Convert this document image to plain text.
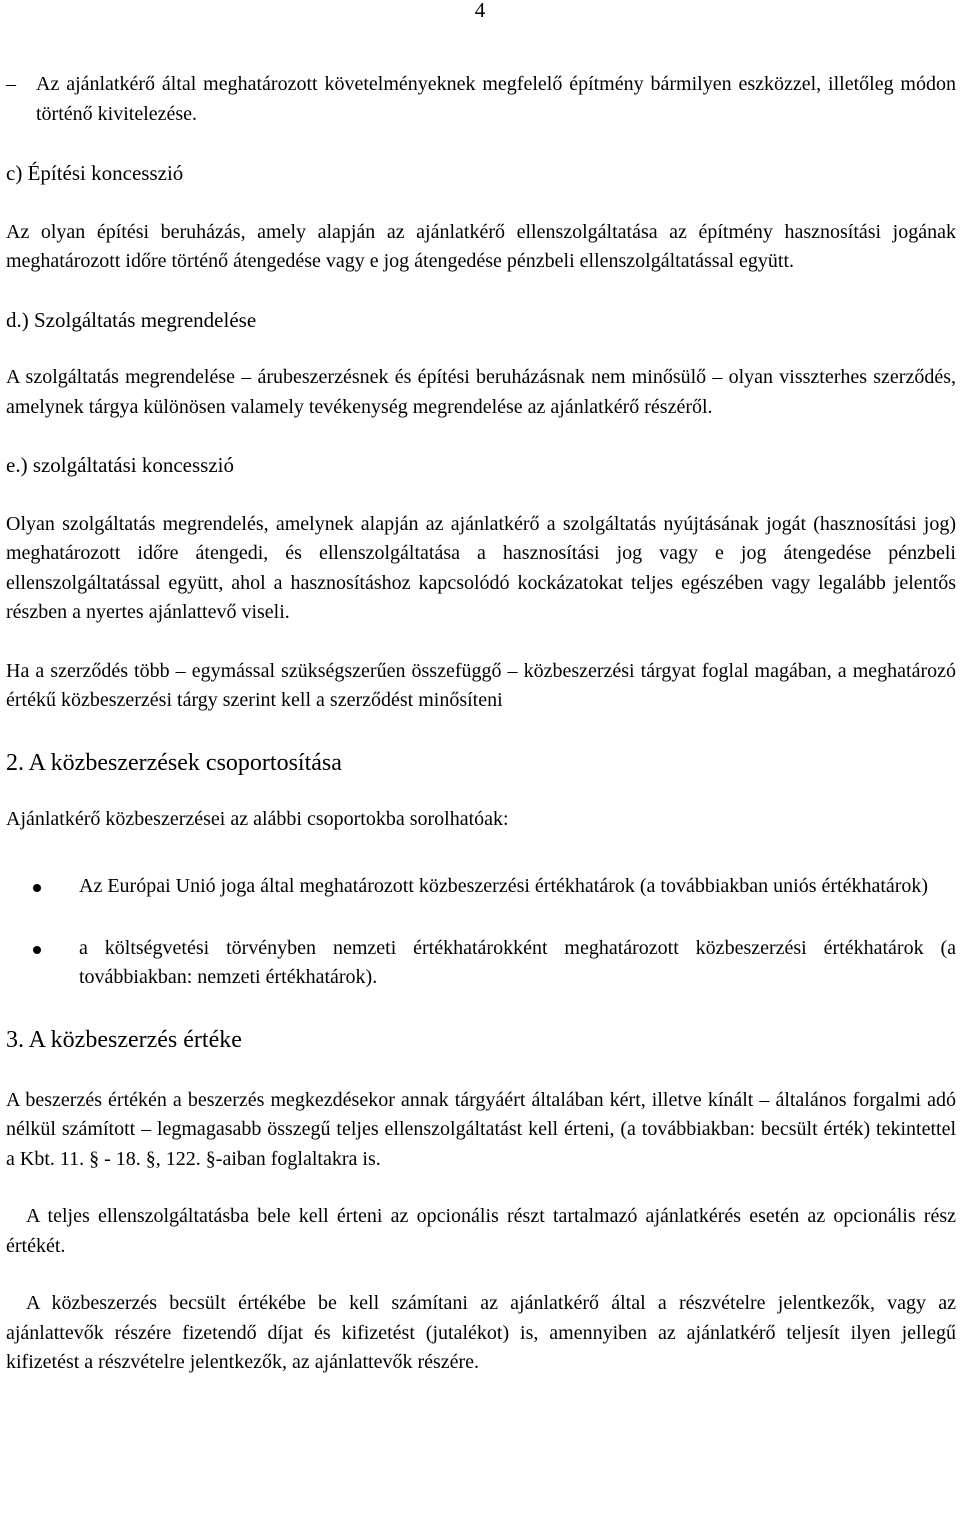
4
– Az ajánlatkérő által meghatározott követelményeknek megfelelő építmény bármilyen eszközzel, illetőleg módon történő kivitelezése.
c) Építési koncesszió

Az olyan építési beruházás, amely alapján az ajánlatkérő ellenszolgáltatása az építmény hasznosítási jogának meghatározott időre történő átengedése vagy e jog átengedése pénzbeli ellenszolgáltatással együtt.

d.) Szolgáltatás megrendelése

A szolgáltatás megrendelése – árubeszerzésnek és építési beruházásnak nem minősülő – olyan visszterhes szerződés, amelynek tárgya különösen valamely tevékenység megrendelése az ajánlatkérő részéről.

e.) szolgáltatási koncesszió

Olyan szolgáltatás megrendelés, amelynek alapján az ajánlatkérő a szolgáltatás nyújtásának jogát (hasznosítási jog) meghatározott időre átengedi, és ellenszolgáltatása a hasznosítási jog vagy e jog átengedése pénzbeli ellenszolgáltatással együtt, ahol a hasznosításhoz kapcsolódó kockázatokat teljes egészében vagy legalább jelentős részben a nyertes ajánlattevő viseli.

Ha a szerződés több – egymással szükségszerűen összefüggő – közbeszerzési tárgyat foglal magában, a meghatározó értékű közbeszerzési tárgy szerint kell a szerződést minősíteni

2. A közbeszerzések csoportosítása

Ajánlatkérő közbeszerzései az alábbi csoportokba sorolhatóak:

Az Európai Unió joga által meghatározott közbeszerzési értékhatárok (a továbbiakban uniós értékhatárok)
a költségvetési törvényben nemzeti értékhatárokként meghatározott közbeszerzési értékhatárok (a továbbiakban: nemzeti értékhatárok).
3. A közbeszerzés értéke

A beszerzés értékén a beszerzés megkezdésekor annak tárgyáért általában kért, illetve kínált – általános forgalmi adó nélkül számított – legmagasabb összegű teljes ellenszolgáltatást kell érteni, (a továbbiakban: becsült érték) tekintettel a Kbt. 11. § - 18. §, 122. §-aiban foglaltakra is.

A teljes ellenszolgáltatásba bele kell érteni az opcionális részt tartalmazó ajánlatkérés esetén az opcionális rész értékét.

A közbeszerzés becsült értékébe be kell számítani az ajánlatkérő által a részvételre jelentkezők, vagy az ajánlattevők részére fizetendő díjat és kifizetést (jutalékot) is, amennyiben az ajánlatkérő teljesít ilyen jellegű kifizetést a részvételre jelentkezők, az ajánlattevők részére.
